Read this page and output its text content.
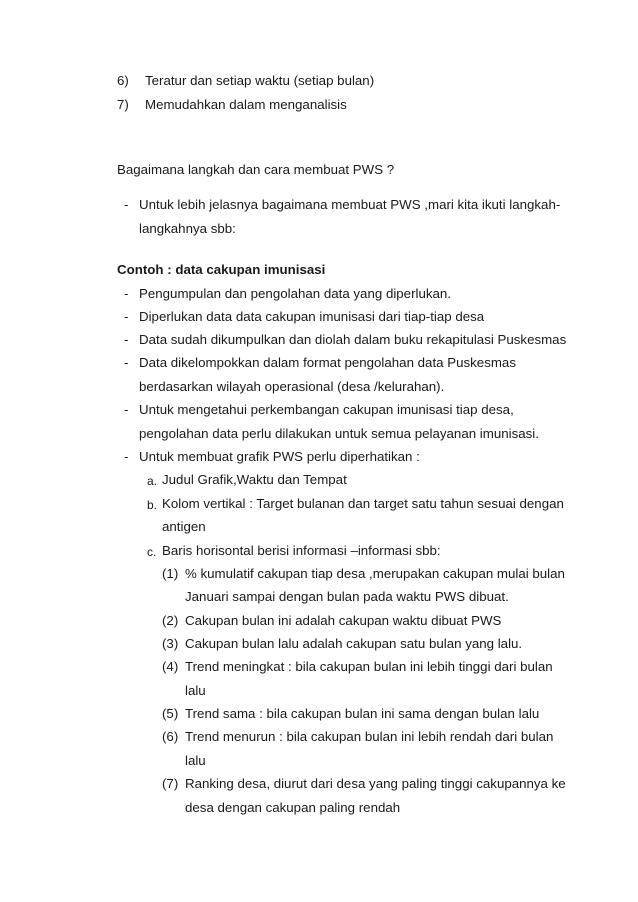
6) Teratur dan setiap waktu (setiap bulan)
7) Memudahkan dalam menganalisis
Bagaimana langkah dan cara membuat PWS ?
- Untuk lebih jelasnya bagaimana membuat PWS ,mari kita ikuti langkah-
langkahnya sbb:
Contoh : data cakupan imunisasi
- Pengumpulan dan pengolahan data yang diperlukan.
- Diperlukan data data cakupan imunisasi dari tiap-tiap desa
- Data sudah dikumpulkan dan diolah dalam buku rekapitulasi Puskesmas
- Data dikelompokkan dalam format pengolahan data Puskesmas
berdasarkan wilayah operasional (desa /kelurahan).
- Untuk mengetahui perkembangan cakupan imunisasi tiap desa,
pengolahan data perlu dilakukan untuk semua pelayanan imunisasi.
- Untuk membuat grafik PWS perlu diperhatikan :
a. Judul Grafik,Waktu dan Tempat
b. Kolom vertikal : Target bulanan dan target satu tahun sesuai dengan
antigen
c. Baris horisontal berisi informasi –informasi sbb:
(1) % kumulatif cakupan tiap desa ,merupakan cakupan mulai bulan
Januari sampai dengan bulan pada waktu PWS dibuat.
(2) Cakupan bulan ini adalah cakupan waktu dibuat PWS
(3) Cakupan bulan lalu adalah cakupan satu bulan yang lalu.
(4) Trend meningkat : bila cakupan bulan ini lebih tinggi dari bulan
lalu
(5) Trend sama : bila cakupan bulan ini sama dengan bulan lalu
(6) Trend menurun : bila cakupan bulan ini lebih rendah dari bulan
lalu
(7) Ranking desa, diurut dari desa yang paling tinggi cakupannya ke
desa dengan cakupan paling rendah
